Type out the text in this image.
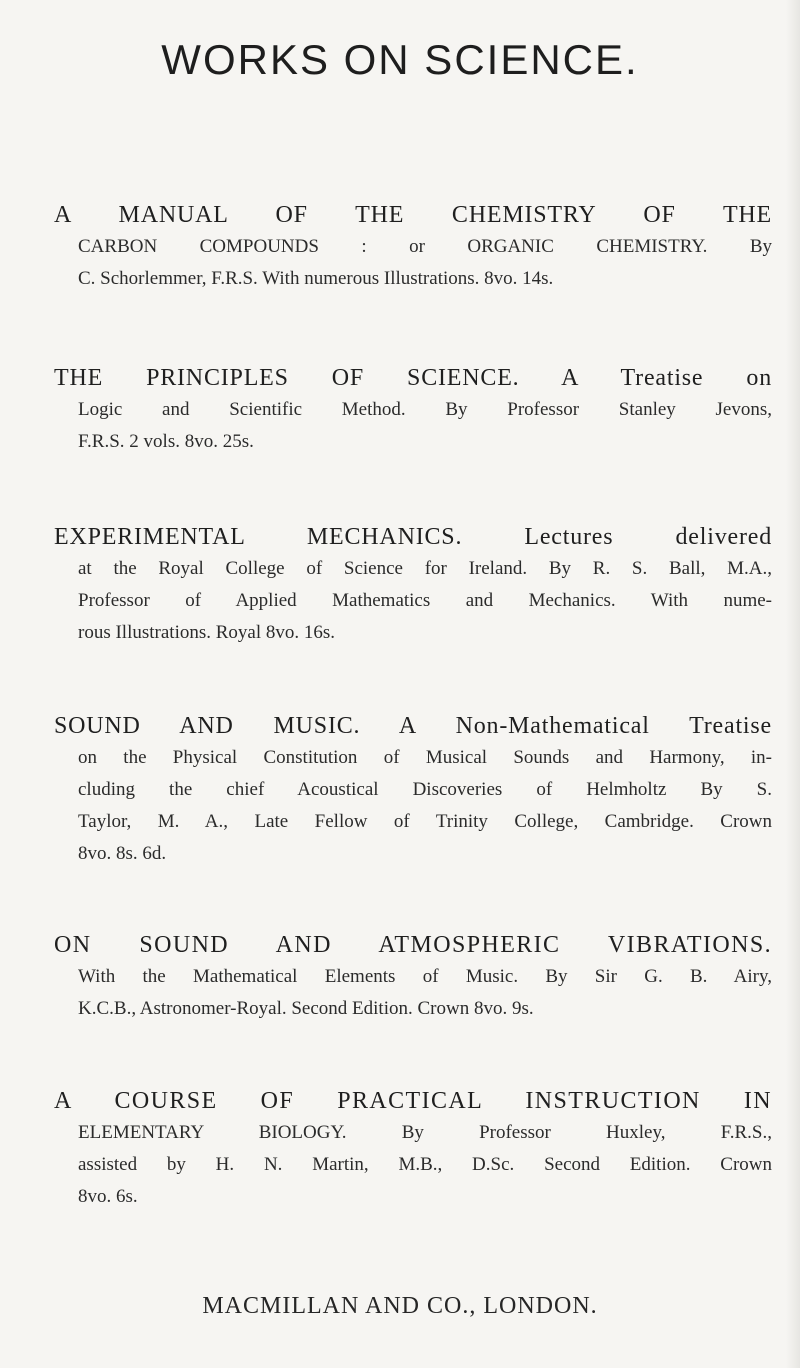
WORKS ON SCIENCE.
A MANUAL OF THE CHEMISTRY OF THE
CARBON COMPOUNDS : or ORGANIC CHEMISTRY. By
C. Schorlemmer, F.R.S. With numerous Illustrations. 8vo. 14s.
THE PRINCIPLES OF SCIENCE. A Treatise on
Logic and Scientific Method. By Professor Stanley Jevons,
F.R.S. 2 vols. 8vo. 25s.
EXPERIMENTAL MECHANICS. Lectures delivered
at the Royal College of Science for Ireland. By R. S. Ball, M.A.,
Professor of Applied Mathematics and Mechanics. With nume-
rous Illustrations. Royal 8vo. 16s.
SOUND AND MUSIC. A Non-Mathematical Treatise
on the Physical Constitution of Musical Sounds and Harmony, in-
cluding the chief Acoustical Discoveries of Helmholtz By S.
Taylor, M. A., Late Fellow of Trinity College, Cambridge. Crown
8vo. 8s. 6d.
ON SOUND AND ATMOSPHERIC VIBRATIONS.
With the Mathematical Elements of Music. By Sir G. B. Airy,
K.C.B., Astronomer-Royal. Second Edition. Crown 8vo. 9s.
A COURSE OF PRACTICAL INSTRUCTION IN
ELEMENTARY BIOLOGY. By Professor Huxley, F.R.S.,
assisted by H. N. Martin, M.B., D.Sc. Second Edition. Crown
8vo. 6s.
MACMILLAN AND CO., LONDON.
